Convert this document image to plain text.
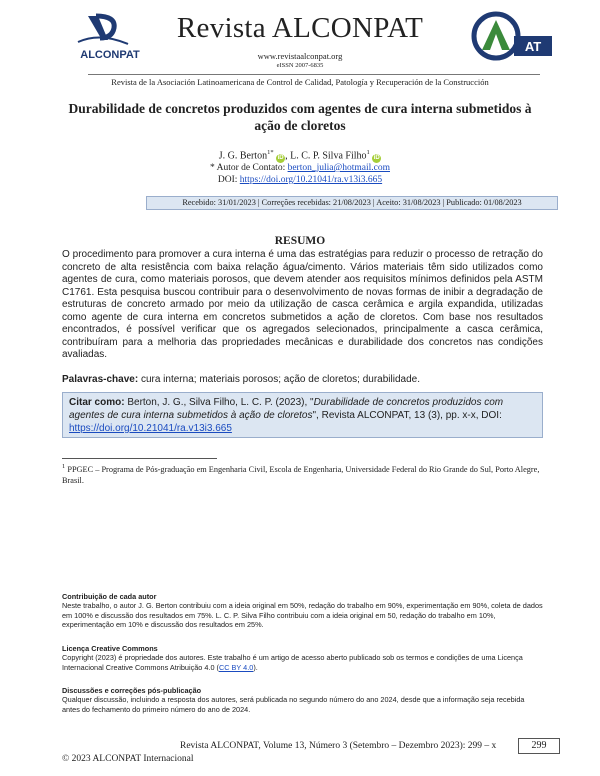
ALCONPAT
AT
Revista ALCONPAT
www.revistaalconpat.org
eISSN 2007-6835
Revista de la Asociación Latinoamericana de Control de Calidad, Patología y Recuperación de la Construcción
Durabilidade de concretos produzidos com agentes de cura interna submetidos à
ação de cloretos
J. G. Berton$^{1*}$ iD , L. C. P. Silva Filho$^1$ iD
* Autor de Contato: berton_julia@hotmail.com
DOI: https://doi.org/10.21041/ra.v13i3.665
Recebido: 31/01/2023 | Correções recebidas: 21/08/2023 | Aceito: 31/08/2023 | Publicado: 01/08/2023
RESUMO
O procedimento para promover a cura interna é uma das estratégias para reduzir o processo de retração do concreto de alta resistência com baixa relação água/cimento. Vários materiais têm sido utilizados como agentes de cura, como materiais porosos, que devem atender aos requisitos mínimos definidos pela ASTM C1761. Esta pesquisa buscou contribuir para o desenvolvimento de novas formas de inibir a degradação de estruturas de concreto armado por meio da utilização de casca cerâmica e argila expandida, utilizadas como agente de cura interna em concretos submetidos a ação de cloretos. Com base nos resultados encontrados, é possível verificar que os agregados selecionados, principalmente a casca cerâmica, contribuíram para a melhoria das propriedades mecânicas e durabilidade dos concretos nas condições avaliadas.
Palavras-chave: cura interna; materiais porosos; ação de cloretos; durabilidade.
Citar como: Berton, J. G., Silva Filho, L. C. P. (2023), "Durabilidade de concretos produzidos com agentes de cura interna submetidos à ação de cloretos", Revista ALCONPAT, 13 (3), pp. x-x, DOI: https://doi.org/10.21041/ra.v13i3.665
$^1$ PPGEC – Programa de Pós-graduação em Engenharia Civil, Escola de Engenharia, Universidade Federal do Rio Grande do Sul, Porto Alegre, Brasil.
Contribuição de cada autor
Neste trabalho, o autor J. G. Berton contribuiu com a ideia original em 50%, redação do trabalho em 90%, experimentação em 90%, coleta de dados em 100% e discussão dos resultados em 75%. L. C. P. Silva Filho contribuiu com a ideia original em 50, redação do trabalho em 10%, experimentação em 10% e discussão dos resultados em 25%.
Licença Creative Commons
Copyright (2023) é propriedade dos autores. Este trabalho é um artigo de acesso aberto publicado sob os termos e condições de uma Licença Internacional Creative Commons Atribuição 4.0 (CC BY 4.0).
Discussões e correções pós-publicação
Qualquer discussão, incluindo a resposta dos autores, será publicada no segundo número do ano 2024, desde que a informação seja recebida antes do fechamento do primeiro número do ano de 2024.
Revista ALCONPAT, Volume 13, Número 3 (Setembro – Dezembro 2023): 299 – x	299
© 2023 ALCONPAT Internacional
